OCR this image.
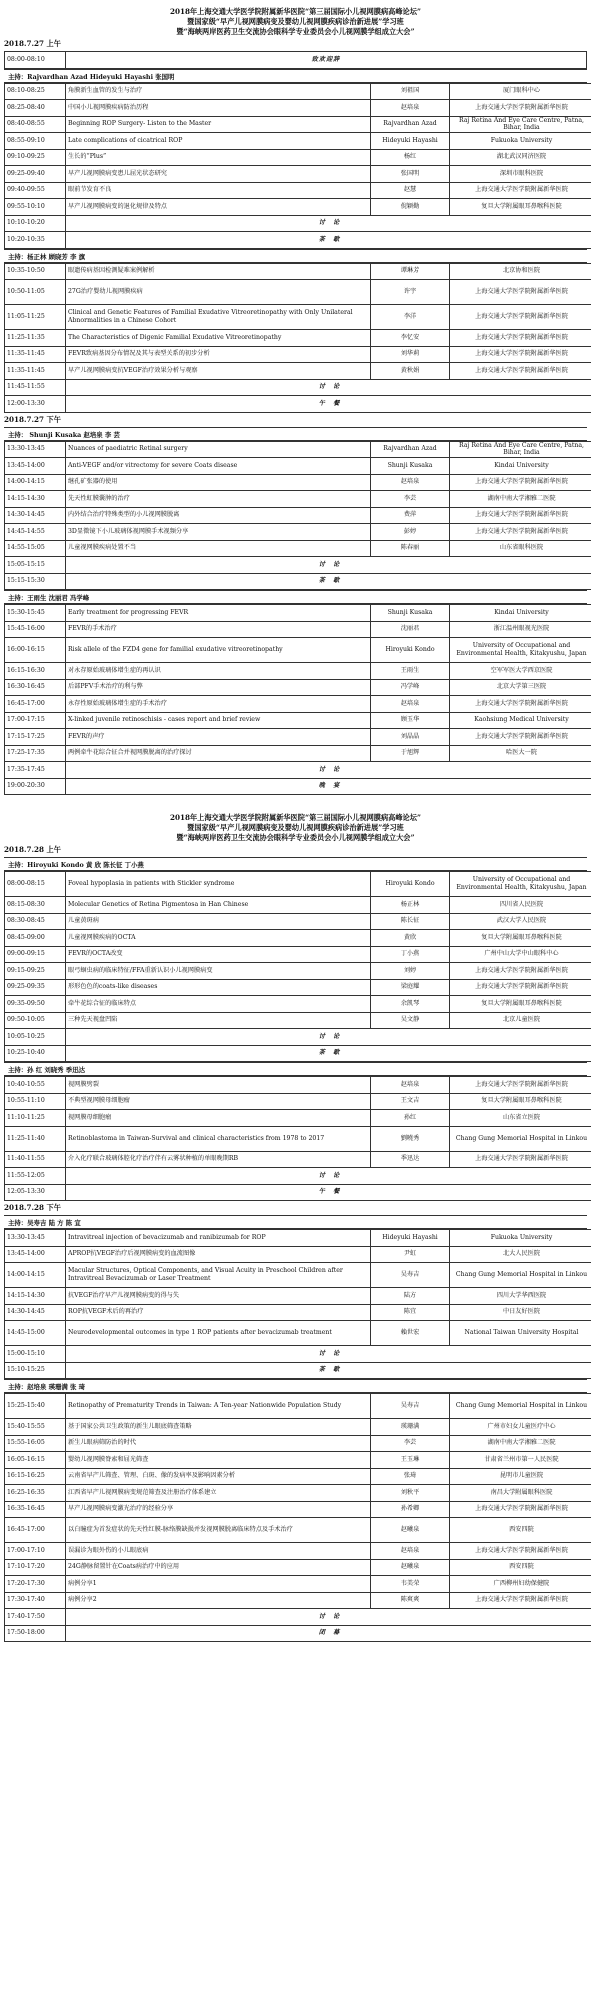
2018年上海交通大学医学院附属新华医院“第三届国际小儿视网膜病高峰论坛”
暨国家级“早产儿视网膜病变及婴幼儿视网膜疾病诊治新进展”学习班
暨“海峡两岸医药卫生交流协会眼科学专业委员会小儿视网膜学组成立大会”
2018.7.27 上午
08:00-08:10	致欢迎辞
主持：Rajvardhan Azad Hideyuki Hayashi 张国明
08:10-08:25	角膜新生血管的发生与治疗	刘祖国	厦门眼科中心
08:25-08:40	中国小儿视网膜疾病防治历程	赵培泉	上海交通大学医学院附属新华医院
08:40-08:55	Beginning ROP Surgery- Listen to the Master	Rajvardhan Azad	Raj Retina And Eye Care Centre, Patna, Bihar, India
08:55-09:10	Late complications of cicatrical ROP	Hideyuki Hayashi	Fukuoka University
09:10-09:25	生长的“Plus”	杨红	湖北武汉同济医院
09:25-09:40	早产儿视网膜病变患儿屈光状态研究	张国明	深圳市眼科医院
09:40-09:55	眼前节发育不良	赵慧	上海交通大学医学院附属新华医院
09:55-10:10	早产儿视网膜病变的退化规律及特点	倪颖勤	复旦大学附属眼耳鼻喉科医院
10:10-10:20	讨　论		
10:20-10:35	茶　歇		
主持：杨正林 顾晓芳 李 旗
10:35-10:50	眼遗传病基因检测疑难案例解析	谭琳芳	北京协和医院
10:50-11:05	27G治疗婴幼儿视网膜疾病	许宇	上海交通大学医学院附属新华医院
11:05-11:25	Clinical and Genetic Features of Familial Exudative Vitreoretinopathy with Only Unilateral Abnormalities in a Chinese Cohort	李洋	上海交通大学医学院附属新华医院
11:25-11:35	The Characteristics of Digenic Familial Exudative Vitreoretinopathy	李忆安	上海交通大学医学院附属新华医院
11:35-11:45	FEVR致病基因分布情况及其与表型关系的初步分析	刘华莉	上海交通大学医学院附属新华医院
11:35-11:45	早产儿视网膜病变抗VEGF治疗效果分析与观察	黄秋娟	上海交通大学医学院附属新华医院
11:45-11:55	讨　论		
12:00-13:30	午　餐		
2018.7.27 下午
主持： Shunji Kusaka 赵培泉 李 芸
13:30-13:45	Nuances of paediatric Retinal surgery	Rajvardhan Azad	Raj Retina And Eye Care Centre, Patna, Bihar, India
13:45-14:00	Anti-VEGF and/or vitrectomy for severe Coats disease	Shunji Kusaka	Kindai University
14:00-14:15	继孔矿张器的使用	赵培泉	上海交通大学医学院附属新华医院
14:15-14:30	先天性虹膜囊肿的治疗	李芸	湖南中南大学湘雅二医院
14:30-14:45	内外结合治疗特殊类型的小儿视网膜脱离	费萍	上海交通大学医学院附属新华医院
14:45-14:55	3D显微镜下小儿玻璃体视网膜手术视频分享	彭婷	上海交通大学医学院附属新华医院
14:55-15:05	儿童视网膜疾病处置不当	陈春丽	山东省眼科医院
15:05-15:15	讨　论		
15:15-15:30	茶　歇		
主持：王雨生 沈丽君 冯学峰
15:30-15:45	Early treatment for progressing FEVR	Shunji Kusaka	Kindai University
15:45-16:00	FEVR的手术治疗	沈丽君	浙江温州眼视光医院
16:00-16:15	Risk allele of the FZD4 gene for familial exudative vitreoretinopathy	Hiroyuki Kondo	University of Occupational and Environmental Health, Kitakyushu, Japan
16:15-16:30	对永存原始玻璃体增生症的再认识	王雨生	空军军医大学西京医院
16:30-16:45	后部PFV手术治疗的利与弊	冯学峰	北京大学第三医院
16:45-17:00	永存性原始玻璃体增生症的手术治疗	赵培泉	上海交通大学医学院附属新华医院
17:00-17:15	X-linked juvenile retinoschisis - cases report and brief review	顾玉华	Kaohsiung Medical University
17:15-17:25	FEVR的声疗	刘晶晶	上海交通大学医学院附属新华医院
17:25-17:35	两例牵牛花综合征合并视网膜脱离的治疗探讨	于旭辉	哈医大一院
17:35-17:45	讨　论		
19:00-20:30	晚　宴		
2018年上海交通大学医学院附属新华医院“第三届国际小儿视网膜病高峰论坛”
暨国家级“早产儿视网膜病变及婴幼儿视网膜疾病诊治新进展”学习班
暨“海峡两岸医药卫生交流协会眼科学专业委员会小儿视网膜学组成立大会”
2018.7.28 上午
主持：Hiroyuki Kondo 黄 欣 陈长征 丁小燕
08:00-08:15	Foveal hypoplasia in patients with Stickler syndrome	Hiroyuki Kondo	University of Occupational and Environmental Health, Kitakyushu, Japan
08:15-08:30	Molecular Genetics of Retina Pigmentosa in Han Chinese	杨正林	四川省人民医院
08:30-08:45	儿童黄斑病	陈长征	武汉大学人民医院
08:45-09:00	儿童视网膜疾病的OCTA	黄欣	复旦大学附属眼耳鼻喉科医院
09:00-09:15	FEVR的OCTA改变	丁小燕	广州中山大学中山眼科中心
09:15-09:25	眼弓蛔虫病的临床特征/FFA重新认识小儿视网膜病变	刘婷	上海交通大学医学院附属新华医院
09:25-09:35	形形色色的coats-like diseases	梁庭耀	上海交通大学医学院附属新华医院
09:35-09:50	牵牛花综合征的临床特点	余凯琴	复旦大学附属眼耳鼻喉科医院
09:50-10:05	三种先天视盘凹陷	吴文静	北京儿童医院
10:05-10:25	讨　论		
10:25-10:40	茶　歇		
主持：孙 红 刘晓秀 季迅达
10:40-10:55	视网膜劈裂	赵培泉	上海交通大学医学院附属新华医院
10:55-11:10	不典型视网膜母细胞瘤	王文吉	复旦大学附属眼耳鼻喉科医院
11:10-11:25	视网膜母细胞瘤	孙红	山东省立医院
11:25-11:40	Retinoblastoma in Taiwan-Survival and clinical characteristics from 1978 to 2017	劉曉秀	Chang Gung Memorial Hospital in Linkou
11:40-11:55	介入化疗联合玻璃体腔化疗治疗伴有云雾状种植的单眼晚期RB	季迅达	上海交通大学医学院附属新华医院
11:55-12:05	讨　论		
12:05-13:30	午　餐		
2018.7.28 下午
主持：吴寿吉 陆 方 陈 宜
13:30-13:45	Intravitreal injection of bevacizumab and ranibizumab for ROP	Hideyuki Hayashi	Fukuoka University
13:45-14:00	APROP抗VEGF治疗后视网膜病变的血流图像	尹虹	北大人民医院
14:00-14:15	Macular Structures, Optical Components, and Visual Acuity in Preschool Children after Intravitreal Bevacizumab or Laser Treatment	吴寿吉	Chang Gung Memorial Hospital in Linkou
14:15-14:30	抗VEGF治疗早产儿视网膜病变的得与失	陆方	四川大学华西医院
14:30-14:45	ROP抗VEGF术后的再治疗	陈宜	中日友好医院
14:45-15:00	Neurodevelopmental outcomes in type 1 ROP patients after bevacizumab treatment	賴世宏	National Taiwan University Hospital
15:00-15:10	讨　论		
15:10-15:25	茶　歇		
主持：赵培泉 瑛珊满 张 琦
15:25-15:40	Retinopathy of Prematurity Trends in Taiwan: A Ten-year Nationwide Population Study	吴寿吉	Chang Gung Memorial Hospital in Linkou
15:40-15:55	基于国家公共卫生政策的新生儿眼底筛查策略	瑛珊满	广州市妇女儿童医疗中心
15:55-16:05	新生儿眼病筛防治的时代	李芸	湖南中南大学湘雅二医院
16:05-16:15	婴幼儿视网膜脊索和屈光筛查	王玉琳	甘肃省兰州市第一人民医院
16:15-16:25	云南省早产儿筛查、管理、白斑、像的发病率及影响因素分析	张琦	昆明市儿童医院
16:25-16:35	江西省早产儿视网膜病变规范筛查及注册治疗体系建立	刘秋平	南昌大学附属眼科医院
16:35-16:45	早产儿视网膜病变激光治疗的经验分享	孙希卿	上海交通大学医学院附属新华医院
16:45-17:00	以白瞳症为首发症状的先天性红膜-脉络膜缺损并发视网膜脱离临床特点及手术治疗	赵曦泉	西安四院
17:00-17:10	误漏诊为眼外伤的小儿眼底病	赵培泉	上海交通大学医学院附属新华医院
17:10-17:20	24G静脉留置针在Coats病治疗中的应用	赵曦泉	西安四院
17:20-17:30	病例分享1	韦美荣	广西柳州妇幼保健院
17:30-17:40	病例分享2	陈爽爽	上海交通大学医学院附属新华医院
17:40-17:50	讨　论		
17:50-18:00	闭　幕		
